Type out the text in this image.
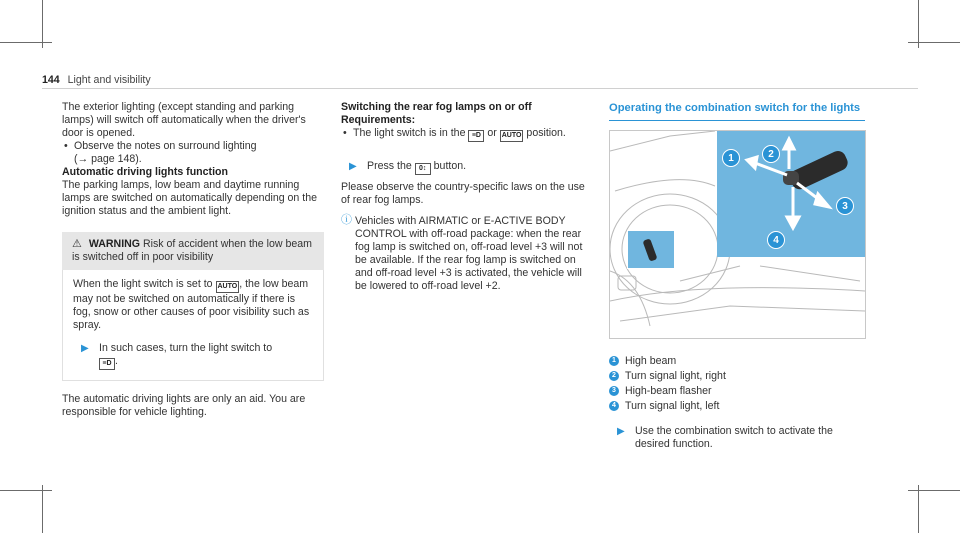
144 Light and visibility

The exterior lighting (except standing and parking lamps) will switch off automatically when the driver's door is opened.

• Observe the notes on surround lighting
(→ page 148).

Automatic driving lights function

The parking lamps, low beam and daytime running lamps are switched on automatically depending on the ignition status and the ambient light.

⚠ WARNING Risk of accident when the low beam is switched off in poor visibility

When the light switch is set to AUTO , the low beam may not be switched on automatically if there is fog, snow or other causes of poor visibility such as spray.

▶ In such cases, turn the light switch to
≡D .

The automatic driving lights are only an aid. You are responsible for vehicle lighting.

Switching the rear fog lamps on or off

Requirements:

• The light switch is in the ≡D or AUTO position.

▶ Press the 0↕ button.

Please observe the country-specific laws on the use of rear fog lamps.

ⓘ Vehicles with AIRMATIC or E-ACTIVE BODY CONTROL with off-road package: when the rear fog lamp is switched on, off-road level +3 will not be available. If the rear fog lamp is switched on and off-road level +3 is activated, the vehicle will be lowered to off-road level +2.

Operating the combination switch for the lights

1	2
3
4
1 High beam
2 Turn signal light, right
3 High-beam flasher
4 Turn signal light, left

▶ Use the combination switch to activate the desired function.
